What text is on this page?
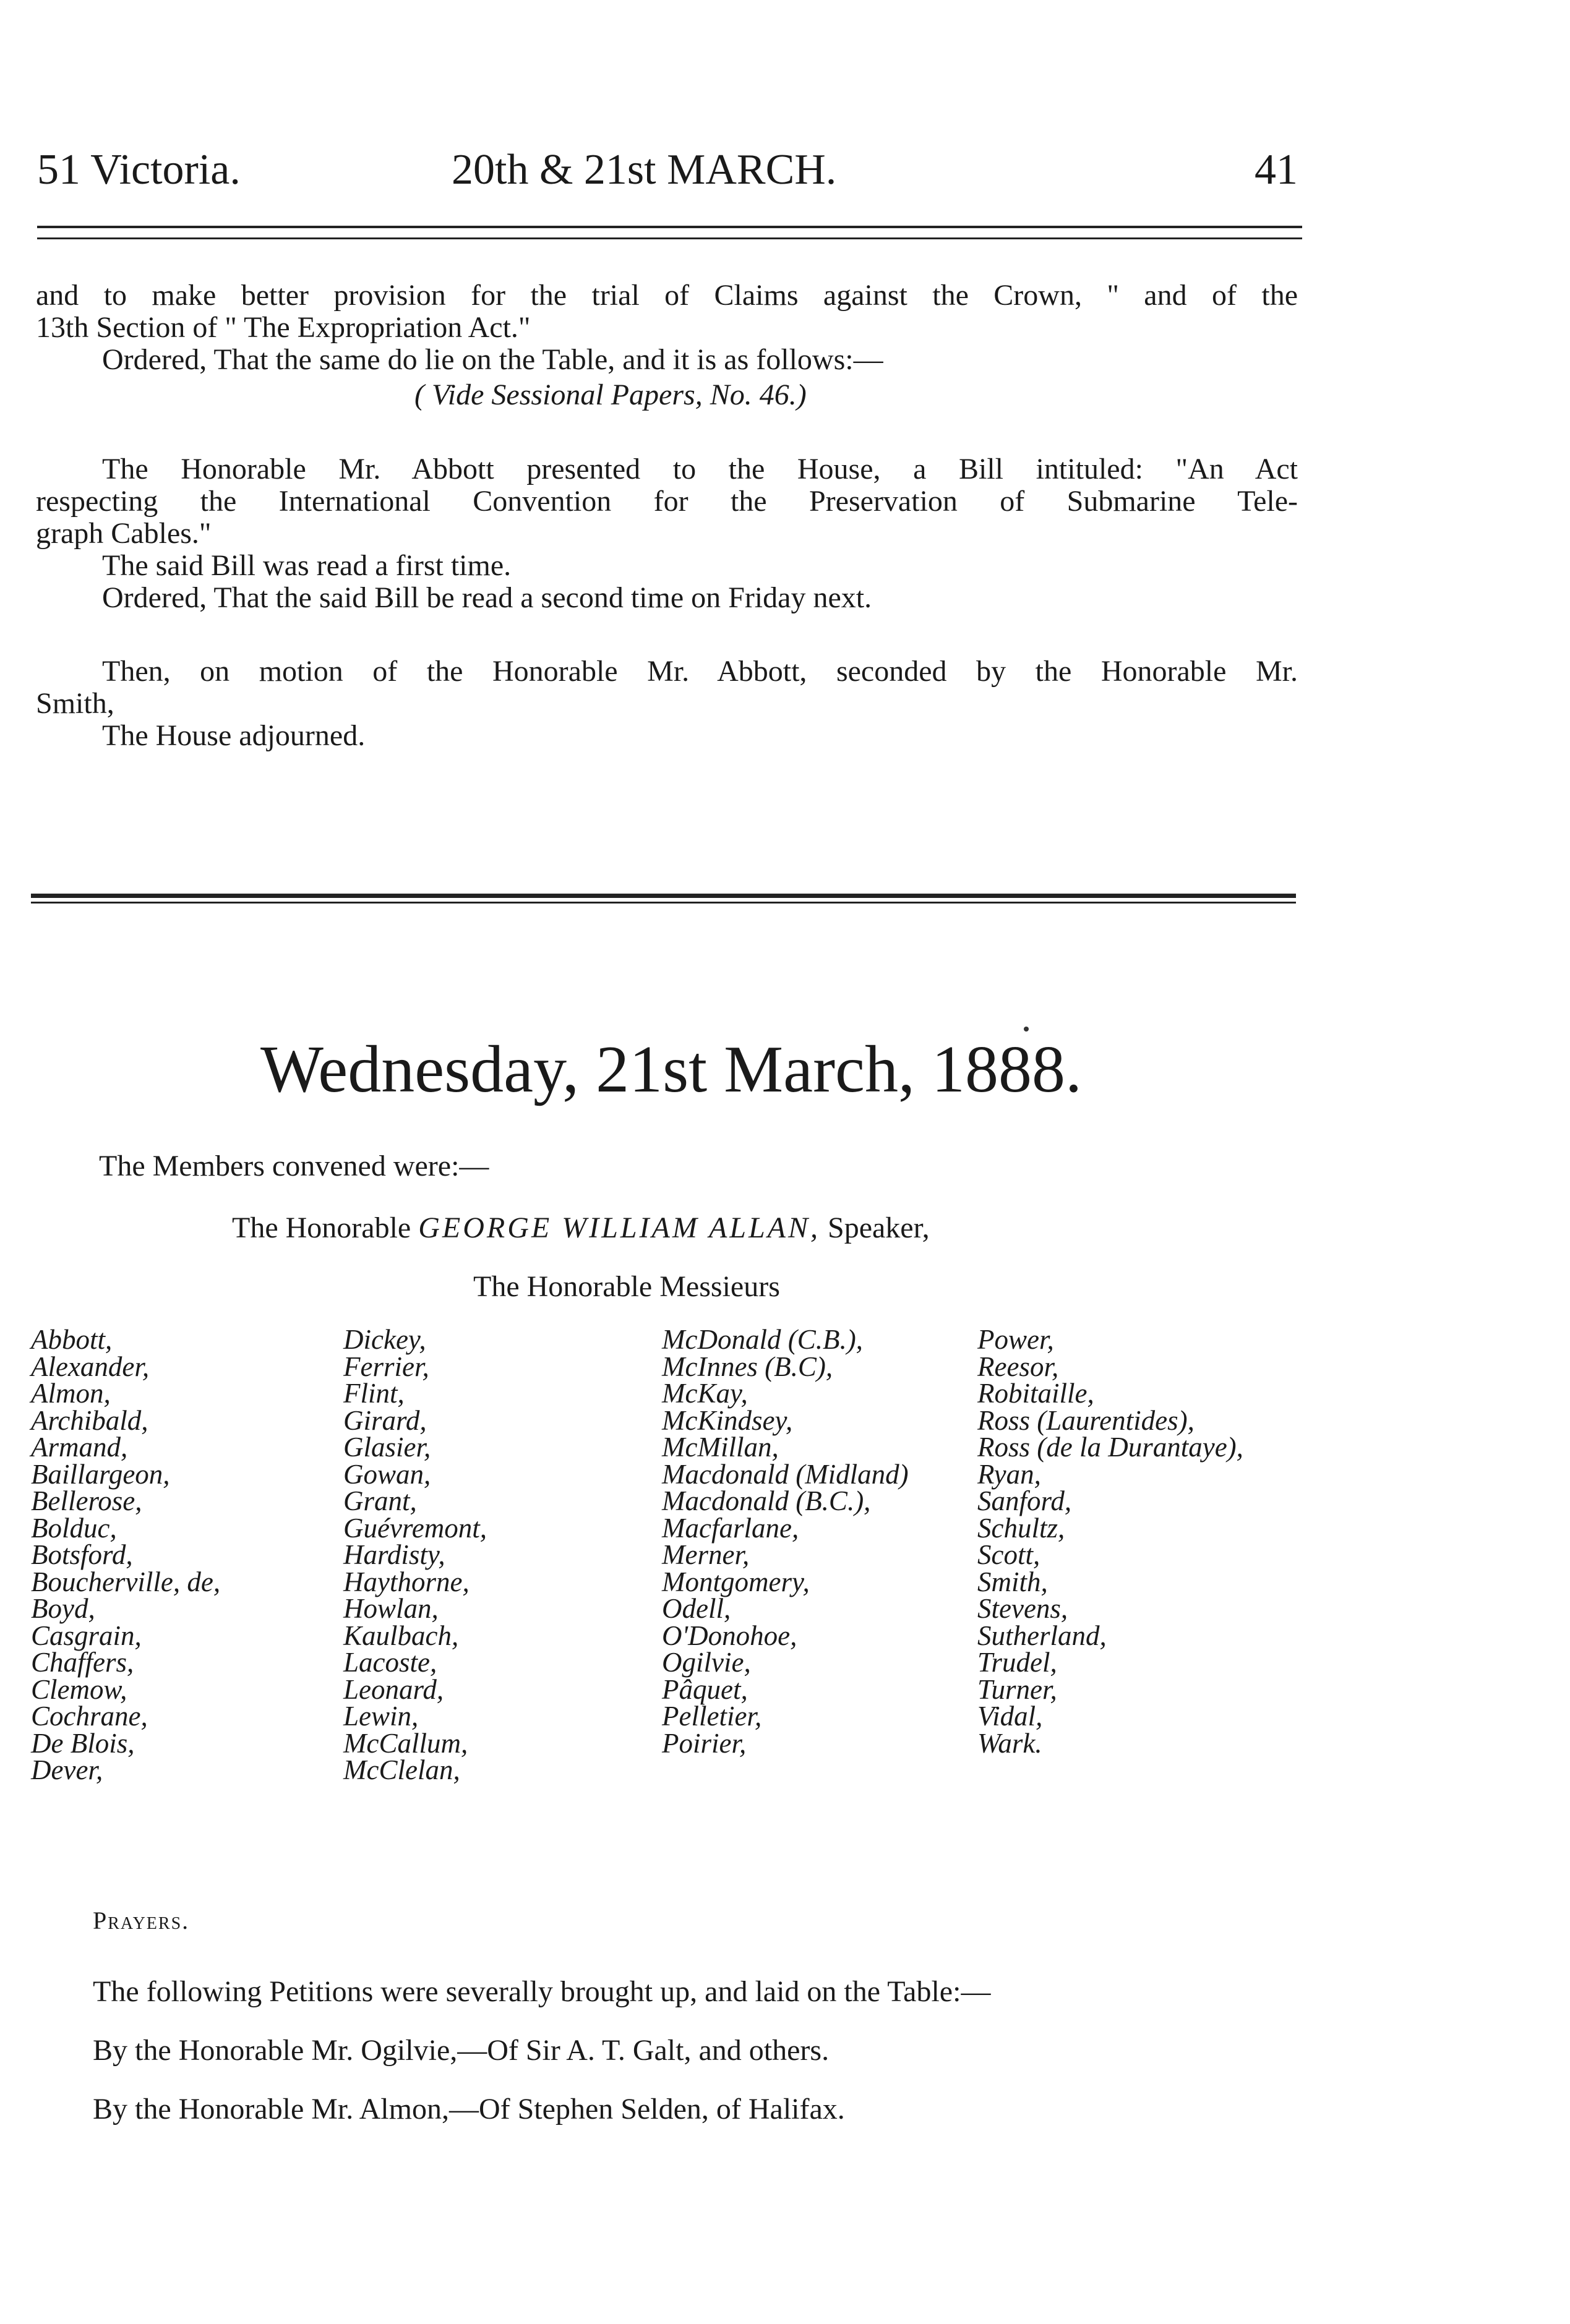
51 Victoria.	20th & 21st MARCH.	41
and to make better provision for the trial of Claims against the Crown, " and of the
13th Section of " The Expropriation Act."
Ordered, That the same do lie on the Table, and it is as follows:—
( Vide Sessional Papers, No. 46.)
The Honorable Mr. Abbott presented to the House, a Bill intituled: "An Act
respecting the International Convention for the Preservation of Submarine Tele-
graph Cables."
The said Bill was read a first time.
Ordered, That the said Bill be read a second time on Friday next.
Then, on motion of the Honorable Mr. Abbott, seconded by the Honorable Mr.
Smith,
The House adjourned.
Wednesday, 21st March, 1888.
The Members convened were:—
The Honorable GEORGE WILLIAM ALLAN, Speaker,
The Honorable Messieurs
Abbott,
Alexander,
Almon,
Archibald,
Armand,
Baillargeon,
Bellerose,
Bolduc,
Botsford,
Boucherville, de,
Boyd,
Casgrain,
Chaffers,
Clemow,
Cochrane,
De Blois,
Dever,
Dickey,
Ferrier,
Flint,
Girard,
Glasier,
Gowan,
Grant,
Guévremont,
Hardisty,
Haythorne,
Howlan,
Kaulbach,
Lacoste,
Leonard,
Lewin,
McCallum,
McClelan,
McDonald (C.B.),
McInnes (B.C),
McKay,
McKindsey,
McMillan,
Macdonald (Midland)
Macdonald (B.C.),
Macfarlane,
Merner,
Montgomery,
Odell,
O'Donohoe,
Ogilvie,
Pâquet,
Pelletier,
Poirier,
Power,
Reesor,
Robitaille,
Ross (Laurentides),
Ross (de la Durantaye),
Ryan,
Sanford,
Schultz,
Scott,
Smith,
Stevens,
Sutherland,
Trudel,
Turner,
Vidal,
Wark.
Prayers.
The following Petitions were severally brought up, and laid on the Table:—
By the Honorable Mr. Ogilvie,—Of Sir A. T. Galt, and others.
By the Honorable Mr. Almon,—Of Stephen Selden, of Halifax.
